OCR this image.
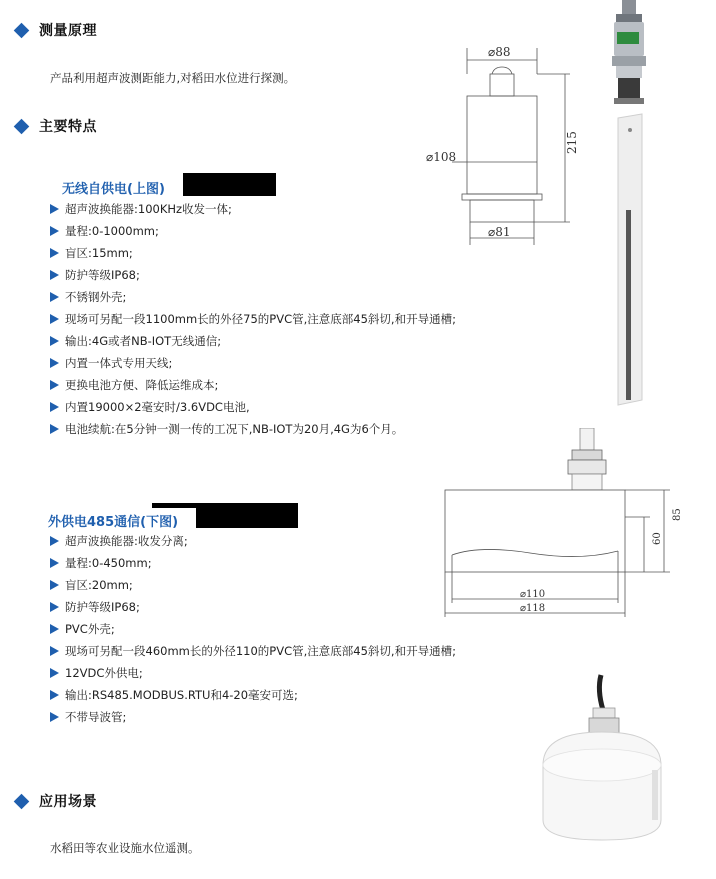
测量原理
产品利用超声波测距能力,对稻田水位进行探测。
主要特点
无线自供电(上图)
超声波换能器:100KHz收发一体;
量程:0-1000mm;
盲区:15mm;
防护等级IP68;
不锈钢外壳;
现场可另配一段1100mm长的外径75的PVC管,注意底部45斜切,和开导通槽;
输出:4G或者NB-IOT无线通信;
内置一体式专用天线;
更换电池方便、降低运维成本;
内置19000×2毫安时/3.6VDC电池,
电池续航:在5分钟一测一传的工况下,NB-IOT为20月,4G为6个月。
外供电485通信(下图)
超声波换能器:收发分离;
量程:0-450mm;
盲区:20mm;
防护等级IP68;
PVC外壳;
现场可另配一段460mm长的外径110的PVC管,注意底部45斜切,和开导通槽;
12VDC外供电;
输出:RS485.MODBUS.RTU和4-20毫安可选;
不带导波管;
应用场景
水稻田等农业设施水位遥测。
⌀88
⌀108
215
⌀81
85
60
⌀110
⌀118
